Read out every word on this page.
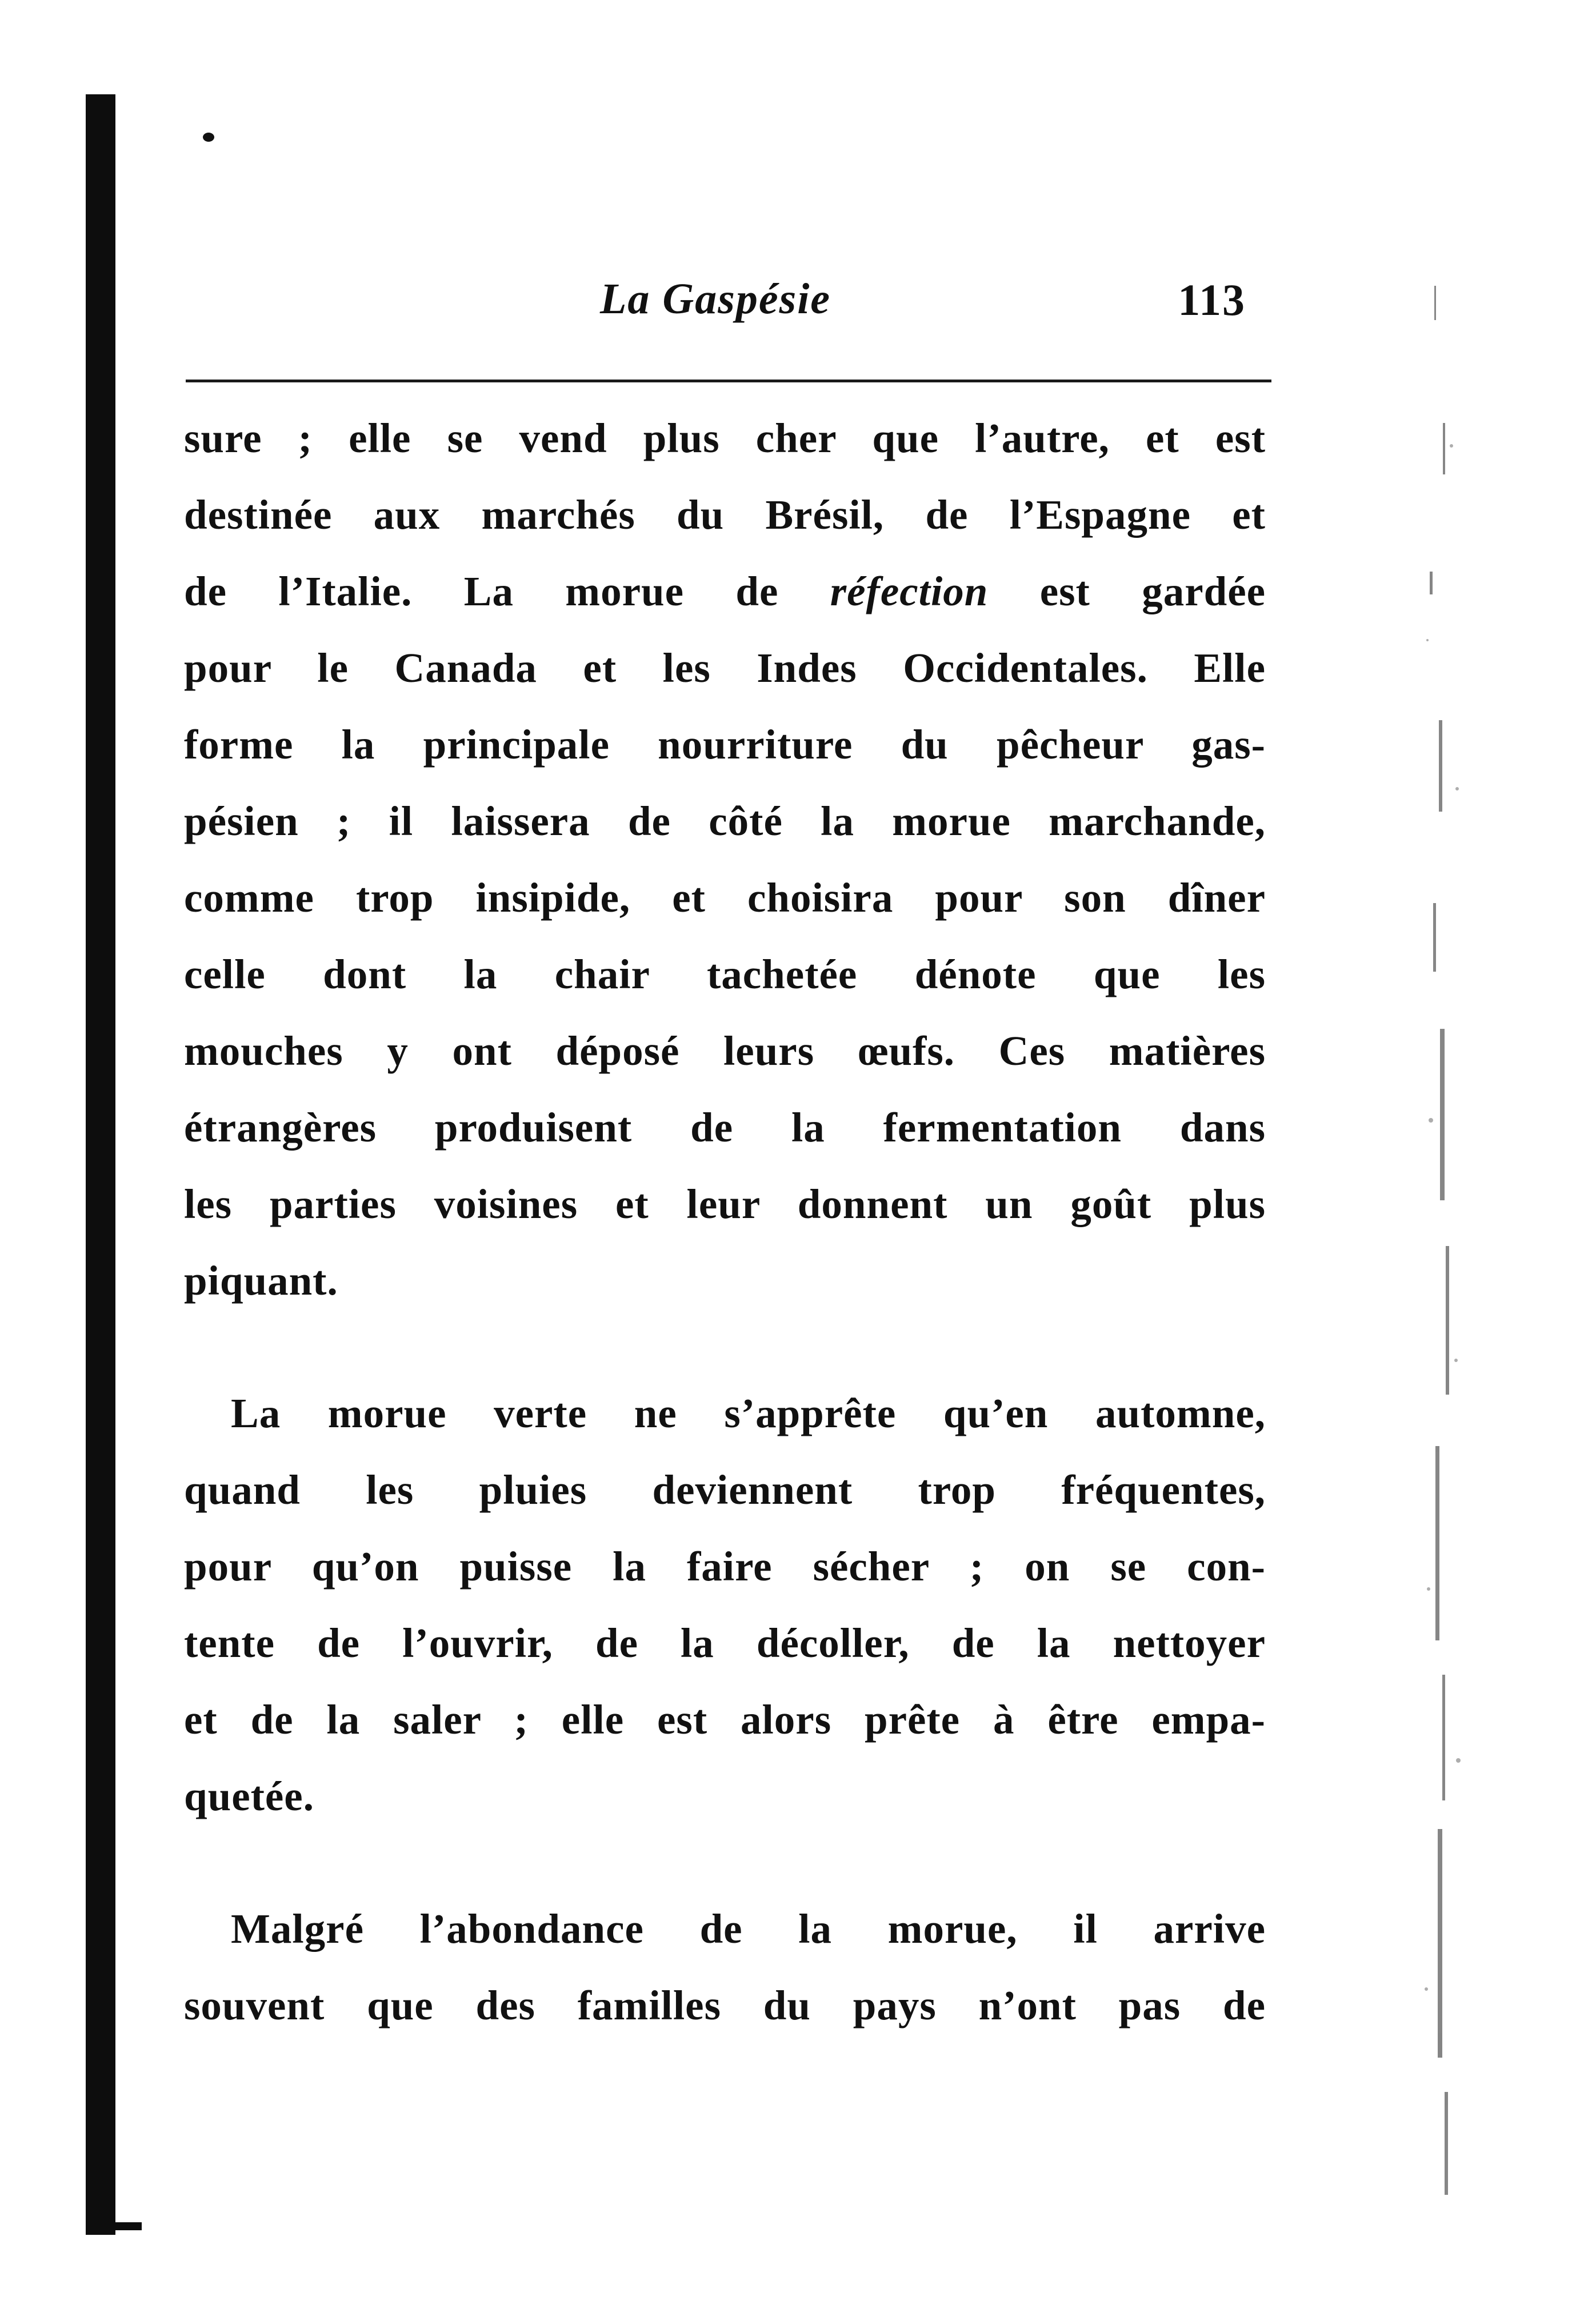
La Gaspésie	113

sure ; elle se vend plus cher que l’autre, et est
destinée aux marchés du Brésil, de l’Espagne et
de l’Italie. La morue de réfection est gardée
pour le Canada et les Indes Occidentales. Elle
forme la principale nourriture du pêcheur gas-
pésien ; il laissera de côté la morue marchande,
comme trop insipide, et choisira pour son dîner
celle dont la chair tachetée dénote que les
mouches y ont déposé leurs œufs. Ces matières
étrangères produisent de la fermentation dans
les parties voisines et leur donnent un goût plus
piquant.

La morue verte ne s’apprête qu’en automne,
quand les pluies deviennent trop fréquentes,
pour qu’on puisse la faire sécher ; on se con-
tente de l’ouvrir, de la décoller, de la nettoyer
et de la saler ; elle est alors prête à être empa-
quetée.

Malgré l’abondance de la morue, il arrive
souvent que des familles du pays n’ont pas de
